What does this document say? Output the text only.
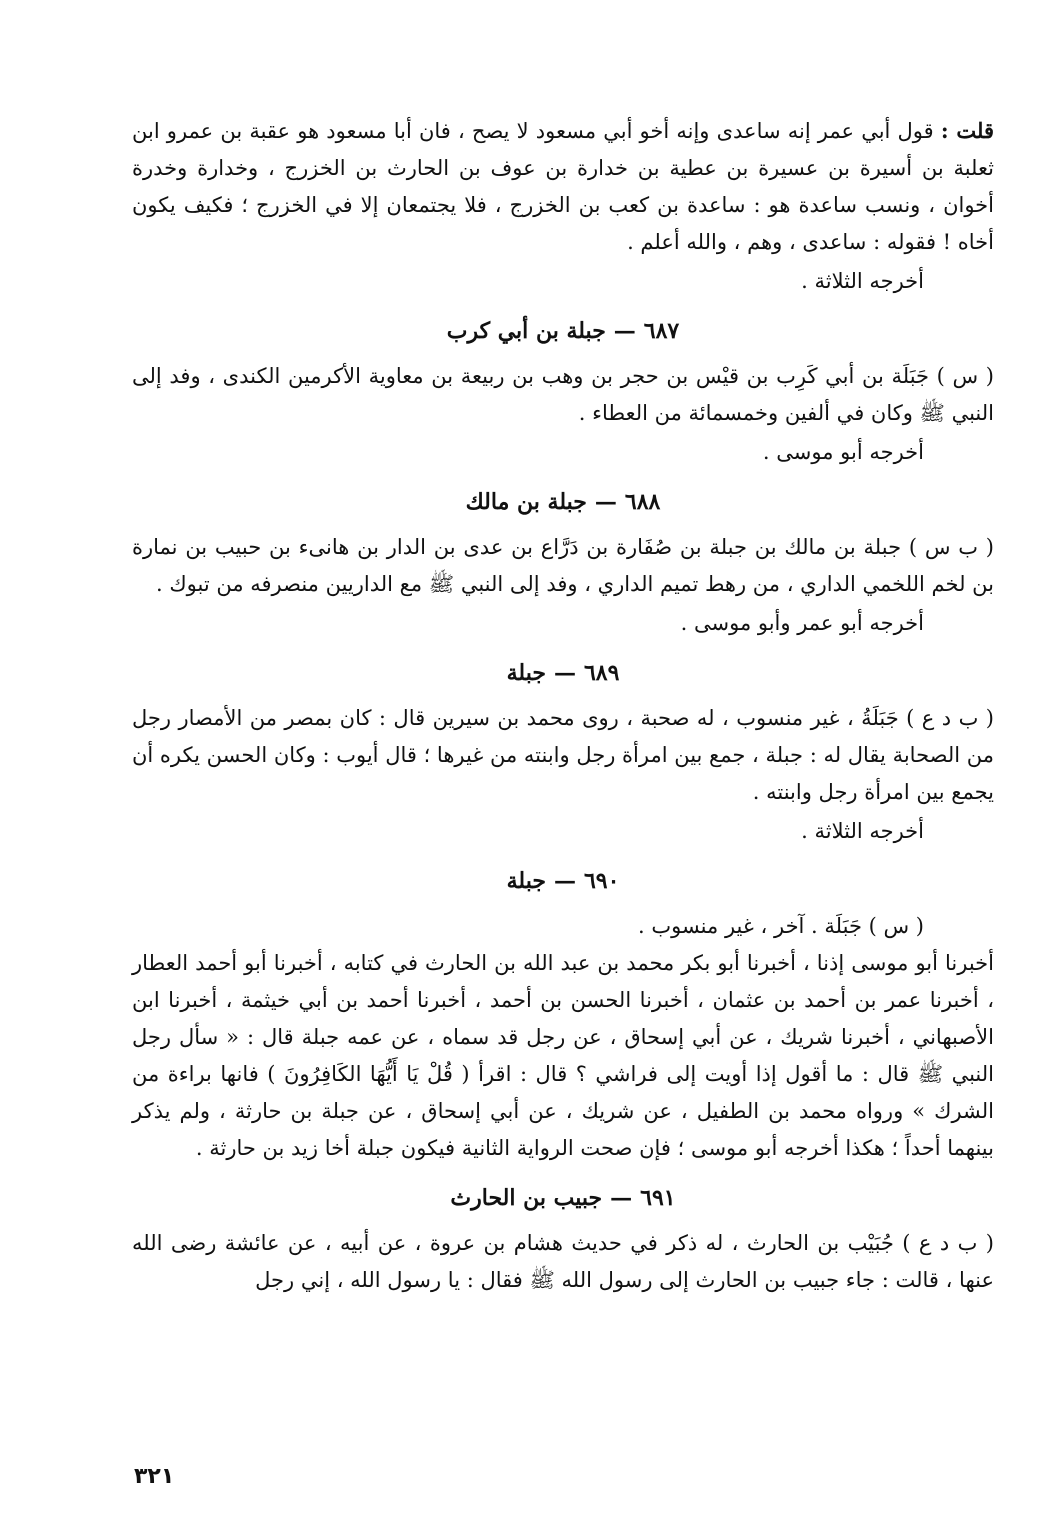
قلت : قول أبي عمر إنه ساعدى وإنه أخو أبي مسعود لا يصح ، فان أبا مسعود هو عقبة بن عمرو ابن ثعلبة بن أسيرة بن عسيرة بن عطية بن خدارة بن عوف بن الحارث بن الخزرج ، وخدارة وخدرة أخوان ، ونسب ساعدة هو : ساعدة بن كعب بن الخزرج ، فلا يجتمعان إلا في الخزرج ؛ فكيف يكون أخاه ! فقوله : ساعدى ، وهم ، والله أعلم .

أخرجه الثلاثة .

٦٨٧—جبلة بن أبي كرب

( س ) جَبَلَة بن أبي كَرِب بن قيْس بن حجر بن وهب بن ربيعة بن معاوية الأكرمين الكندى ، وفد إلى النبي ﷺ وكان في ألفين وخمسمائة من العطاء .

أخرجه أبو موسى .

٦٨٨—جبلة بن مالك

( ب س ) جبلة بن مالك بن جبلة بن صُفَارة بن دَرَّاع بن عدى بن الدار بن هانىء بن حبيب بن نمارة بن لخم اللخمي الداري ، من رهط تميم الداري ، وفد إلى النبي ﷺ مع الداريين منصرفه من تبوك .

أخرجه أبو عمر وأبو موسى .

٦٨٩—جبلة

( ب د ع ) جَبَلَةُ ، غير منسوب ، له صحبة ، روى محمد بن سيرين قال : كان بمصر من الأمصار رجل من الصحابة يقال له : جبلة ، جمع بين امرأة رجل وابنته من غيرها ؛ قال أيوب : وكان الحسن يكره أن يجمع بين امرأة رجل وابنته .

أخرجه الثلاثة .

٦٩٠—جبلة

( س ) جَبَلَة . آخر ، غير منسوب .

أخبرنا أبو موسى إذنا ، أخبرنا أبو بكر محمد بن عبد الله بن الحارث في كتابه ، أخبرنا أبو أحمد العطار ، أخبرنا عمر بن أحمد بن عثمان ، أخبرنا الحسن بن أحمد ، أخبرنا أحمد بن أبي خيثمة ، أخبرنا ابن الأصبهاني ، أخبرنا شريك ، عن أبي إسحاق ، عن رجل قد سماه ، عن عمه جبلة قال : « سأل رجل النبي ﷺ قال : ما أقول إذا أويت إلى فراشي ؟ قال : اقرأ ( قُلْ يَا أَيُّهَا الكَافِرُونَ ) فانها براءة من الشرك » ورواه محمد بن الطفيل ، عن شريك ، عن أبي إسحاق ، عن جبلة بن حارثة ، ولم يذكر بينهما أحداً ؛ هكذا أخرجه أبو موسى ؛ فإن صحت الرواية الثانية فيكون جبلة أخا زيد بن حارثة .

٦٩١—جبيب بن الحارث

( ب د ع ) جُبَيْب بن الحارث ، له ذكر في حديث هشام بن عروة ، عن أبيه ، عن عائشة رضى الله عنها ، قالت : جاء جبيب بن الحارث إلى رسول الله ﷺ فقال : يا رسول الله ، إني رجل

٣٢١
